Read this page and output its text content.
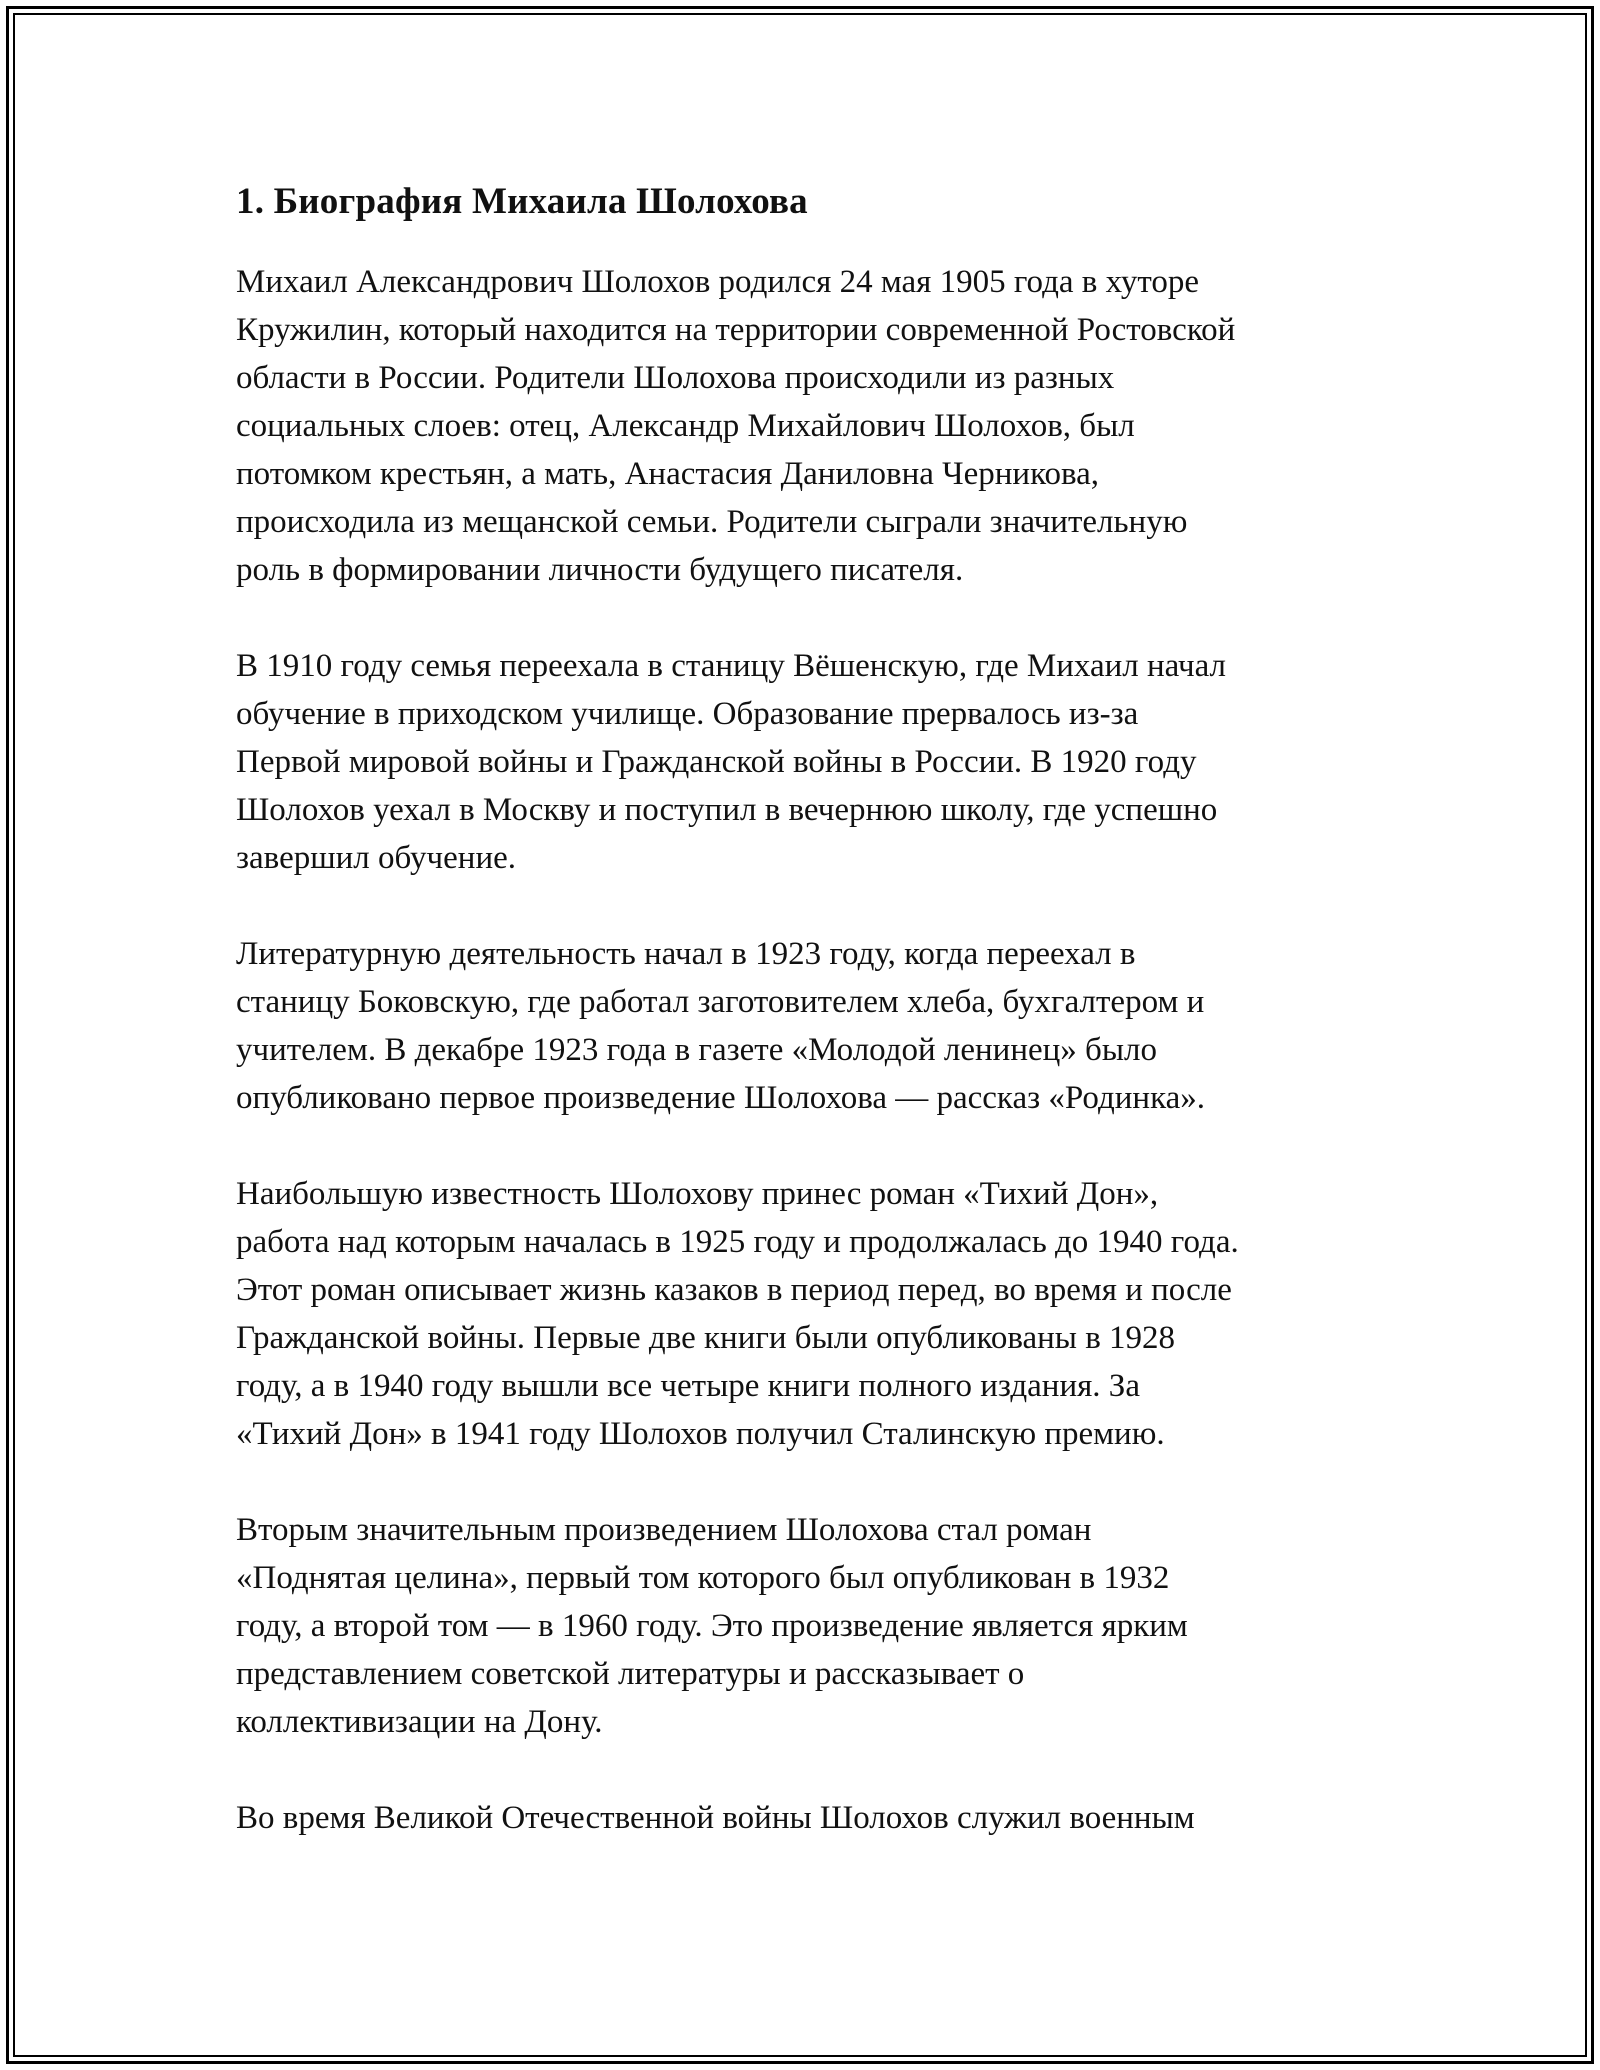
1. Биография Михаила Шолохова

Михаил Александрович Шолохов родился 24 мая 1905 года в хуторе
Кружилин, который находится на территории современной Ростовской
области в России. Родители Шолохова происходили из разных
социальных слоев: отец, Александр Михайлович Шолохов, был
потомком крестьян, а мать, Анастасия Даниловна Черникова,
происходила из мещанской семьи. Родители сыграли значительную
роль в формировании личности будущего писателя.

В 1910 году семья переехала в станицу Вёшенскую, где Михаил начал
обучение в приходском училище. Образование прервалось из-за
Первой мировой войны и Гражданской войны в России. В 1920 году
Шолохов уехал в Москву и поступил в вечернюю школу, где успешно
завершил обучение.

Литературную деятельность начал в 1923 году, когда переехал в
станицу Боковскую, где работал заготовителем хлеба, бухгалтером и
учителем. В декабре 1923 года в газете «Молодой ленинец» было
опубликовано первое произведение Шолохова — рассказ «Родинка».

Наибольшую известность Шолохову принес роман «Тихий Дон»,
работа над которым началась в 1925 году и продолжалась до 1940 года.
Этот роман описывает жизнь казаков в период перед, во время и после
Гражданской войны. Первые две книги были опубликованы в 1928
году, а в 1940 году вышли все четыре книги полного издания. За
«Тихий Дон» в 1941 году Шолохов получил Сталинскую премию.

Вторым значительным произведением Шолохова стал роман
«Поднятая целина», первый том которого был опубликован в 1932
году, а второй том — в 1960 году. Это произведение является ярким
представлением советской литературы и рассказывает о
коллективизации на Дону.

Во время Великой Отечественной войны Шолохов служил военным
